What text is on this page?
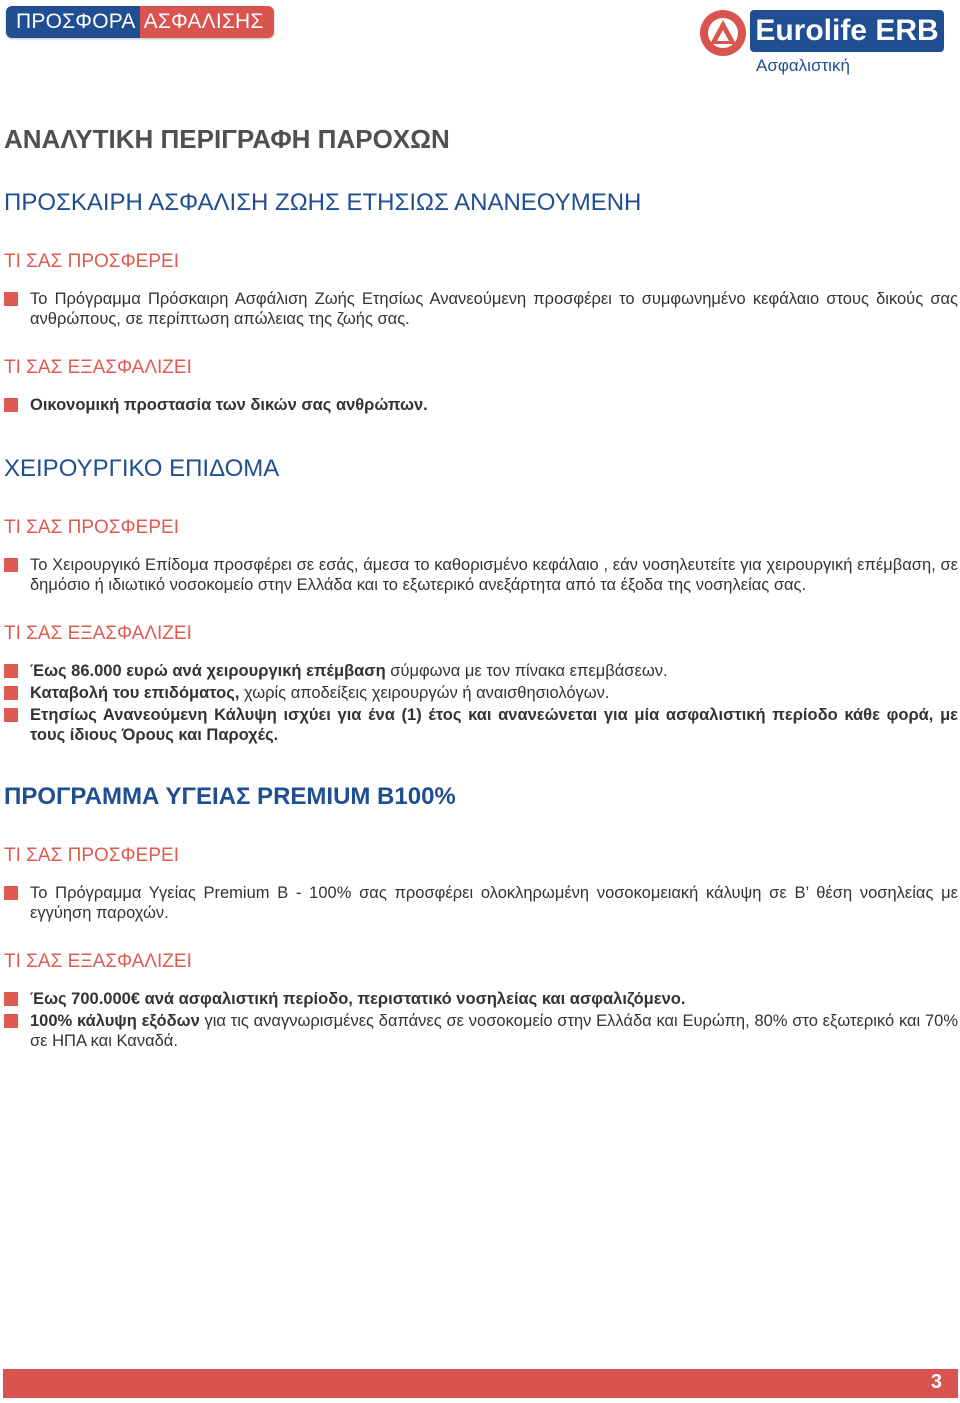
ΠΡΟΣΦΟΡΑ ΑΣΦΑΛΙΣΗΣ	Eurolife ERB
Ασφαλιστική
ΑΝΑΛΥΤΙΚΗ ΠΕΡΙΓΡΑΦΗ ΠΑΡΟΧΩΝ
ΠΡΟΣΚΑΙΡΗ ΑΣΦΑΛΙΣΗ ΖΩΗΣ ΕΤΗΣΙΩΣ ΑΝΑΝΕΟΥΜΕΝΗ
ΤΙ ΣΑΣ ΠΡΟΣΦΕΡΕΙ
Το Πρόγραμμα Πρόσκαιρη Ασφάλιση Ζωής Ετησίως Ανανεούμενη προσφέρει το συμφωνημένο κεφάλαιο στους δικούς σας ανθρώπους, σε περίπτωση απώλειας της ζωής σας.
ΤΙ ΣΑΣ ΕΞΑΣΦΑΛΙΖΕΙ
Οικονομική προστασία των δικών σας ανθρώπων.
ΧΕΙΡΟΥΡΓΙΚΟ ΕΠΙΔΟΜΑ
ΤΙ ΣΑΣ ΠΡΟΣΦΕΡΕΙ
Το Χειρουργικό Επίδομα προσφέρει σε εσάς, άμεσα το καθορισμένο κεφάλαιο , εάν νοσηλευτείτε για χειρουργική επέμβαση, σε δημόσιο ή ιδιωτικό νοσοκομείο στην Ελλάδα και το εξωτερικό ανεξάρτητα από τα έξοδα της νοσηλείας σας.
ΤΙ ΣΑΣ ΕΞΑΣΦΑΛΙΖΕΙ
Έως 86.000 ευρώ ανά χειρουργική επέμβαση σύμφωνα με τον πίνακα επεμβάσεων.
Καταβολή του επιδόματος, χωρίς αποδείξεις χειρουργών ή αναισθησιολόγων.
Ετησίως Ανανεούμενη Κάλυψη ισχύει για ένα (1) έτος και ανανεώνεται για μία ασφαλιστική περίοδο κάθε φορά, με τους ίδιους Όρους και Παροχές.
ΠΡΟΓΡΑΜΜΑ ΥΓΕΙΑΣ PREMIUM B100%
ΤΙ ΣΑΣ ΠΡΟΣΦΕΡΕΙ
Το Πρόγραμμα Υγείας Premium B - 100% σας προσφέρει ολοκληρωμένη νοσοκομειακή κάλυψη σε Β’ θέση νοσηλείας με εγγύηση παροχών.
ΤΙ ΣΑΣ ΕΞΑΣΦΑΛΙΖΕΙ
Έως 700.000€ ανά ασφαλιστική περίοδο, περιστατικό νοσηλείας και ασφαλιζόμενο.
100% κάλυψη εξόδων για τις αναγνωρισμένες δαπάνες σε νοσοκομείο στην Ελλάδα και Ευρώπη, 80% στο εξωτερικό και 70% σε ΗΠΑ και Καναδά.
3
